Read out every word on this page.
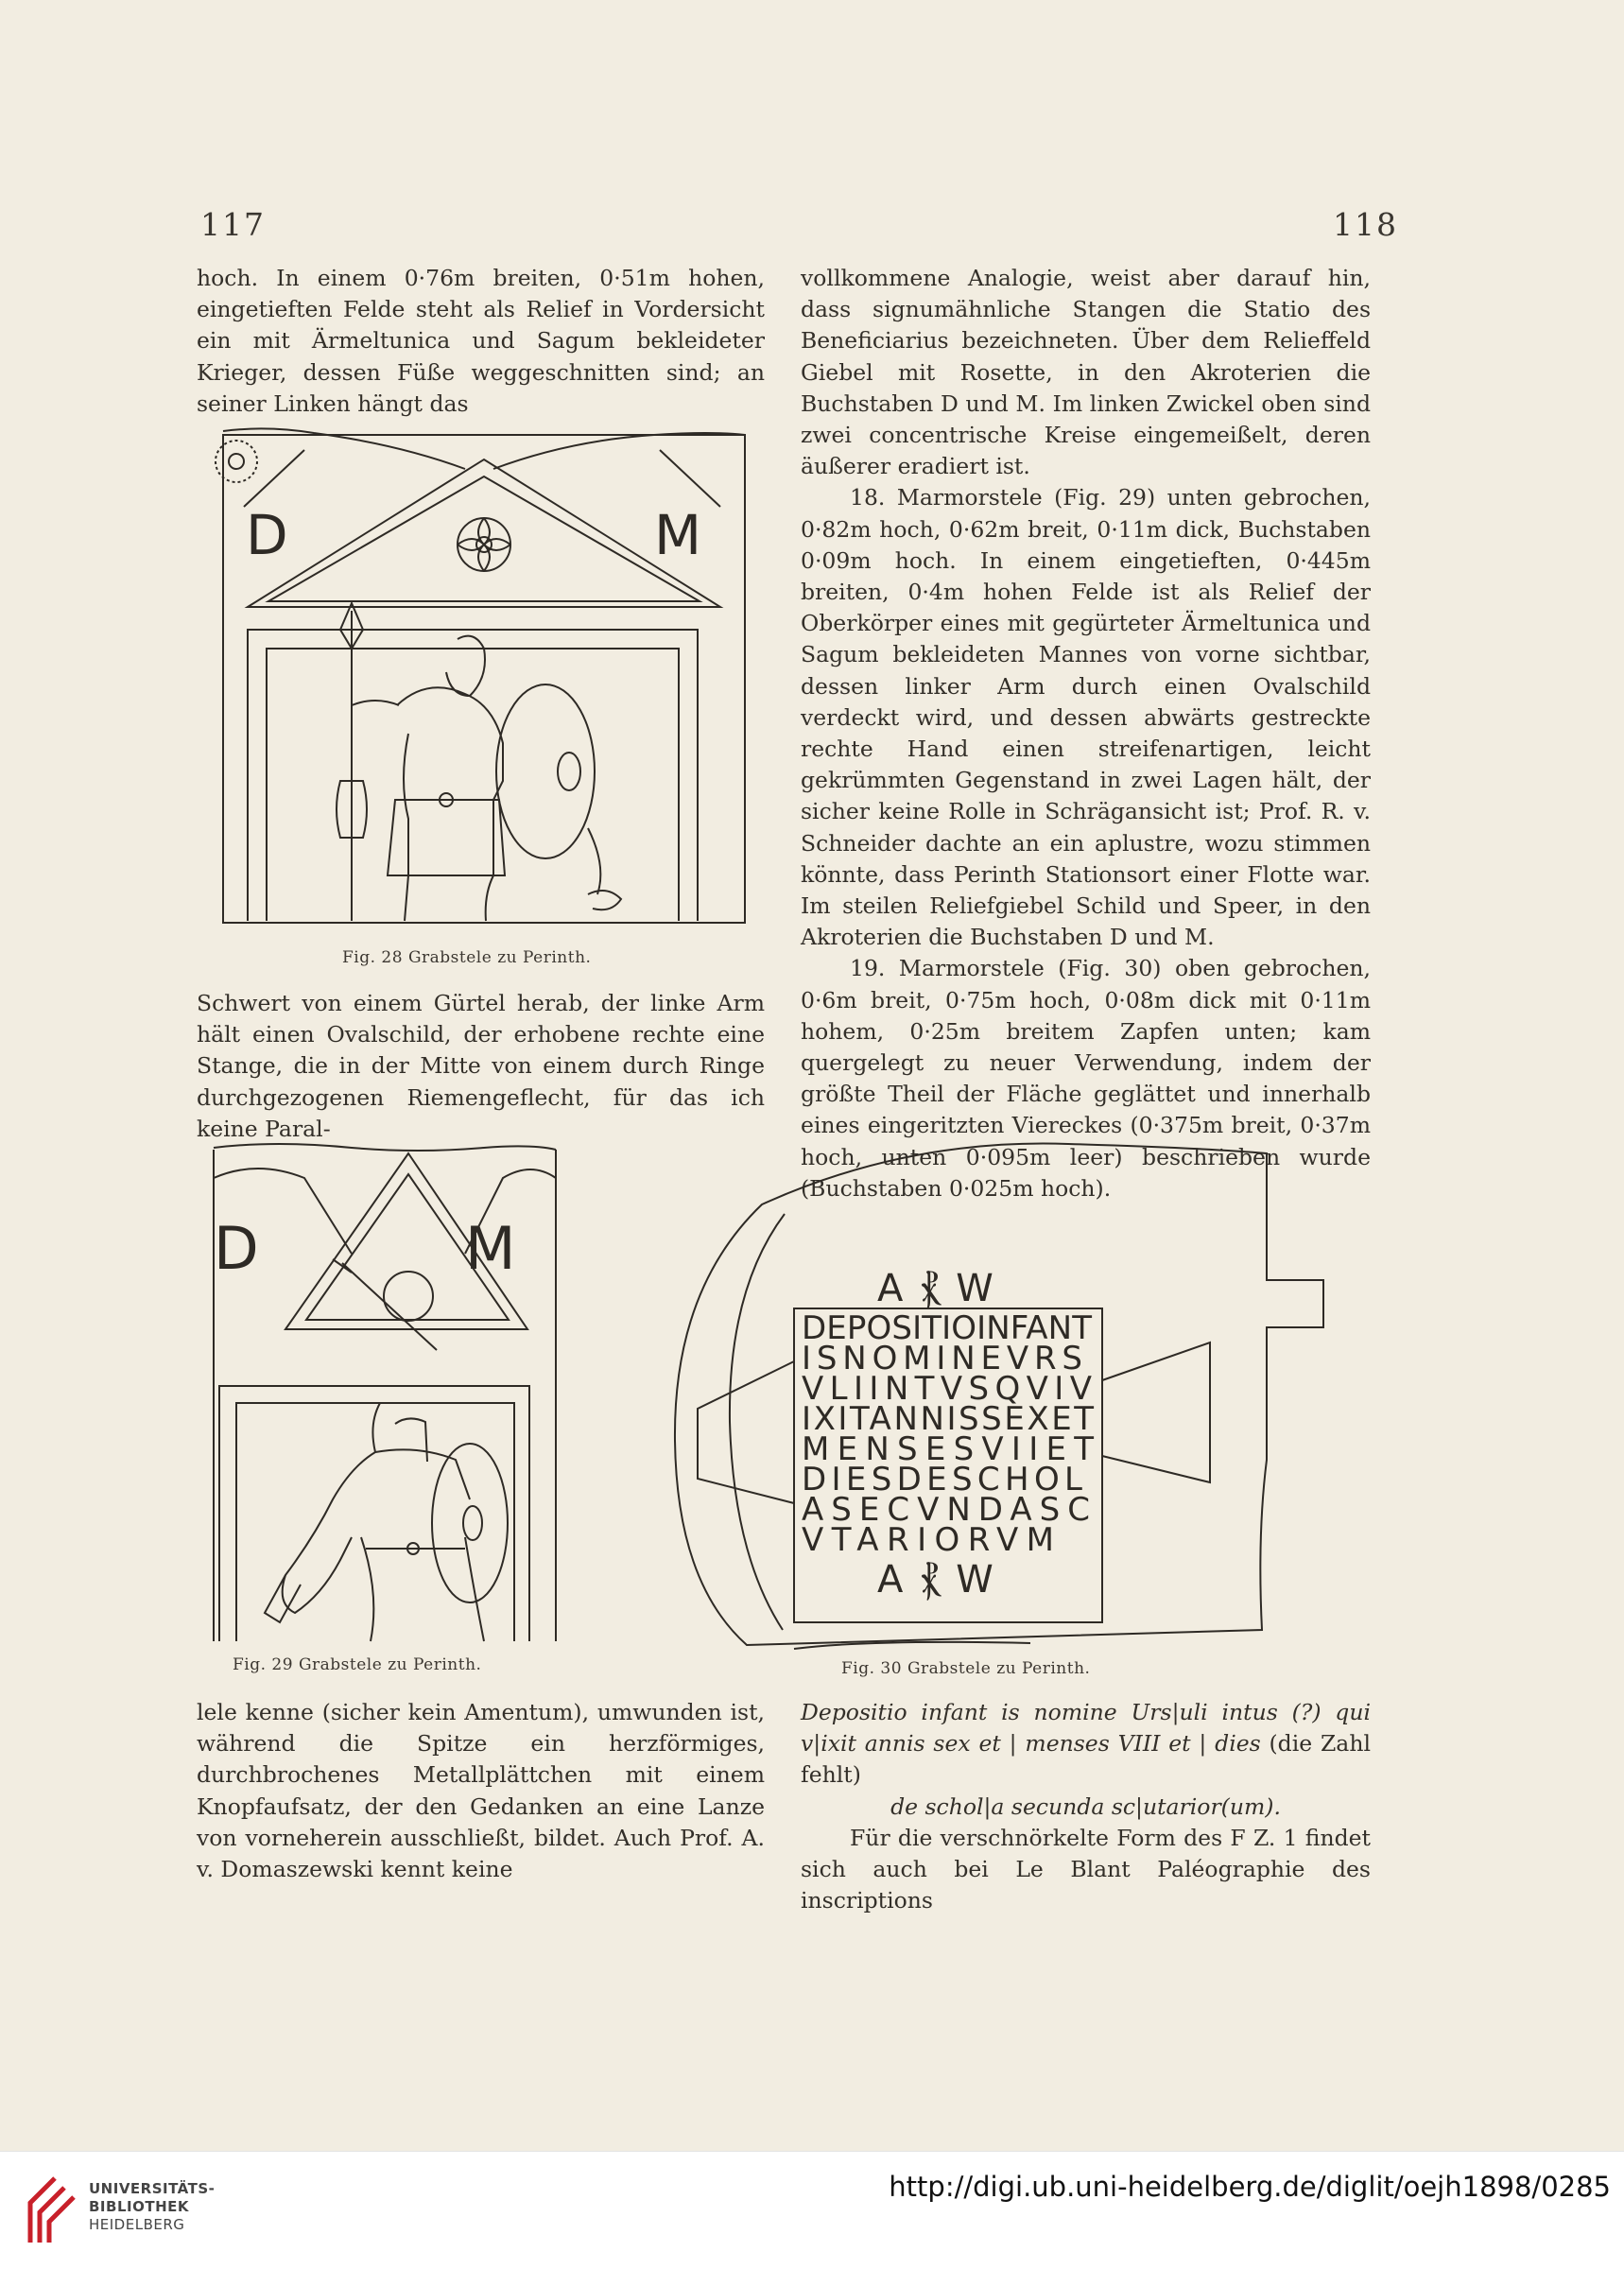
117	118

hoch. In einem 0·76m breiten, 0·51m hohen, eingetieften Felde steht als Relief in Vordersicht ein mit Ärmeltunica und Sagum bekleideter Krieger, dessen Füße weggeschnitten sind; an seiner Linken hängt das

D	M
Fig. 28 Grabstele zu Perinth.

Schwert von einem Gürtel herab, der linke Arm hält einen Ovalschild, der erhobene rechte eine Stange, die in der Mitte von einem durch Ringe durchgezogenen Riemengeflecht, für das ich keine Paral-

vollkommene Analogie, weist aber darauf hin, dass signumähnliche Stangen die Statio des Beneficiarius bezeichneten. Über dem Relieffeld Giebel mit Rosette, in den Akroterien die Buchstaben D und M. Im linken Zwickel oben sind zwei concentrische Kreise eingemeißelt, deren äußerer eradiert ist.

18. Marmorstele (Fig. 29) unten gebrochen, 0·82m hoch, 0·62m breit, 0·11m dick, Buchstaben 0·09m hoch. In einem eingetieften, 0·445m breiten, 0·4m hohen Felde ist als Relief der Oberkörper eines mit gegürteter Ärmeltunica und Sagum bekleideten Mannes von vorne sichtbar, dessen linker Arm durch einen Ovalschild verdeckt wird, und dessen abwärts gestreckte rechte Hand einen streifenartigen, leicht gekrümmten Gegenstand in zwei Lagen hält, der sicher keine Rolle in Schrägansicht ist; Prof. R. v. Schneider dachte an ein aplustre, wozu stimmen könnte, dass Perinth Stationsort einer Flotte war. Im steilen Reliefgiebel Schild und Speer, in den Akroterien die Buchstaben D und M.

19. Marmorstele (Fig. 30) oben gebrochen, 0·6m breit, 0·75m hoch, 0·08m dick mit 0·11m hohem, 0·25m breitem Zapfen unten; kam quergelegt zu neuer Verwendung, indem der größte Theil der Fläche geglättet und innerhalb eines eingeritzten Viereckes (0·375m breit, 0·37m hoch, unten 0·095m leer) beschrieben wurde (Buchstaben 0·025m hoch).

D	M
Fig. 29 Grabstele zu Perinth.
A ⳩ W
DEPOSITIOINFANT
ISNOMINEVRS
VLIINTVSQVIV
IXITANNISSEXET
MENSESVIIET
DIESDESCHOL
ASECVNDASC
VTARIORVM
A ⳩ W
Fig. 30 Grabstele zu Perinth.

lele kenne (sicher kein Amentum), umwunden ist, während die Spitze ein herzförmiges, durchbrochenes Metallplättchen mit einem Knopfaufsatz, der den Gedanken an eine Lanze von vorneherein ausschließt, bildet. Auch Prof. A. v. Domaszewski kennt keine

Depositio infant is nomine Urs|uli intus (?) qui v|ixit annis sex et | menses VIII et | dies (die Zahl fehlt)

de schol|a secunda sc|utarior(um).

Für die verschnörkelte Form des F Z. 1 findet sich auch bei Le Blant Paléographie des inscriptions

UNIVERSITÄTS-
BIBLIOTHEK
HEIDELBERG
http://digi.ub.uni-heidelberg.de/diglit/oejh1898/0285
